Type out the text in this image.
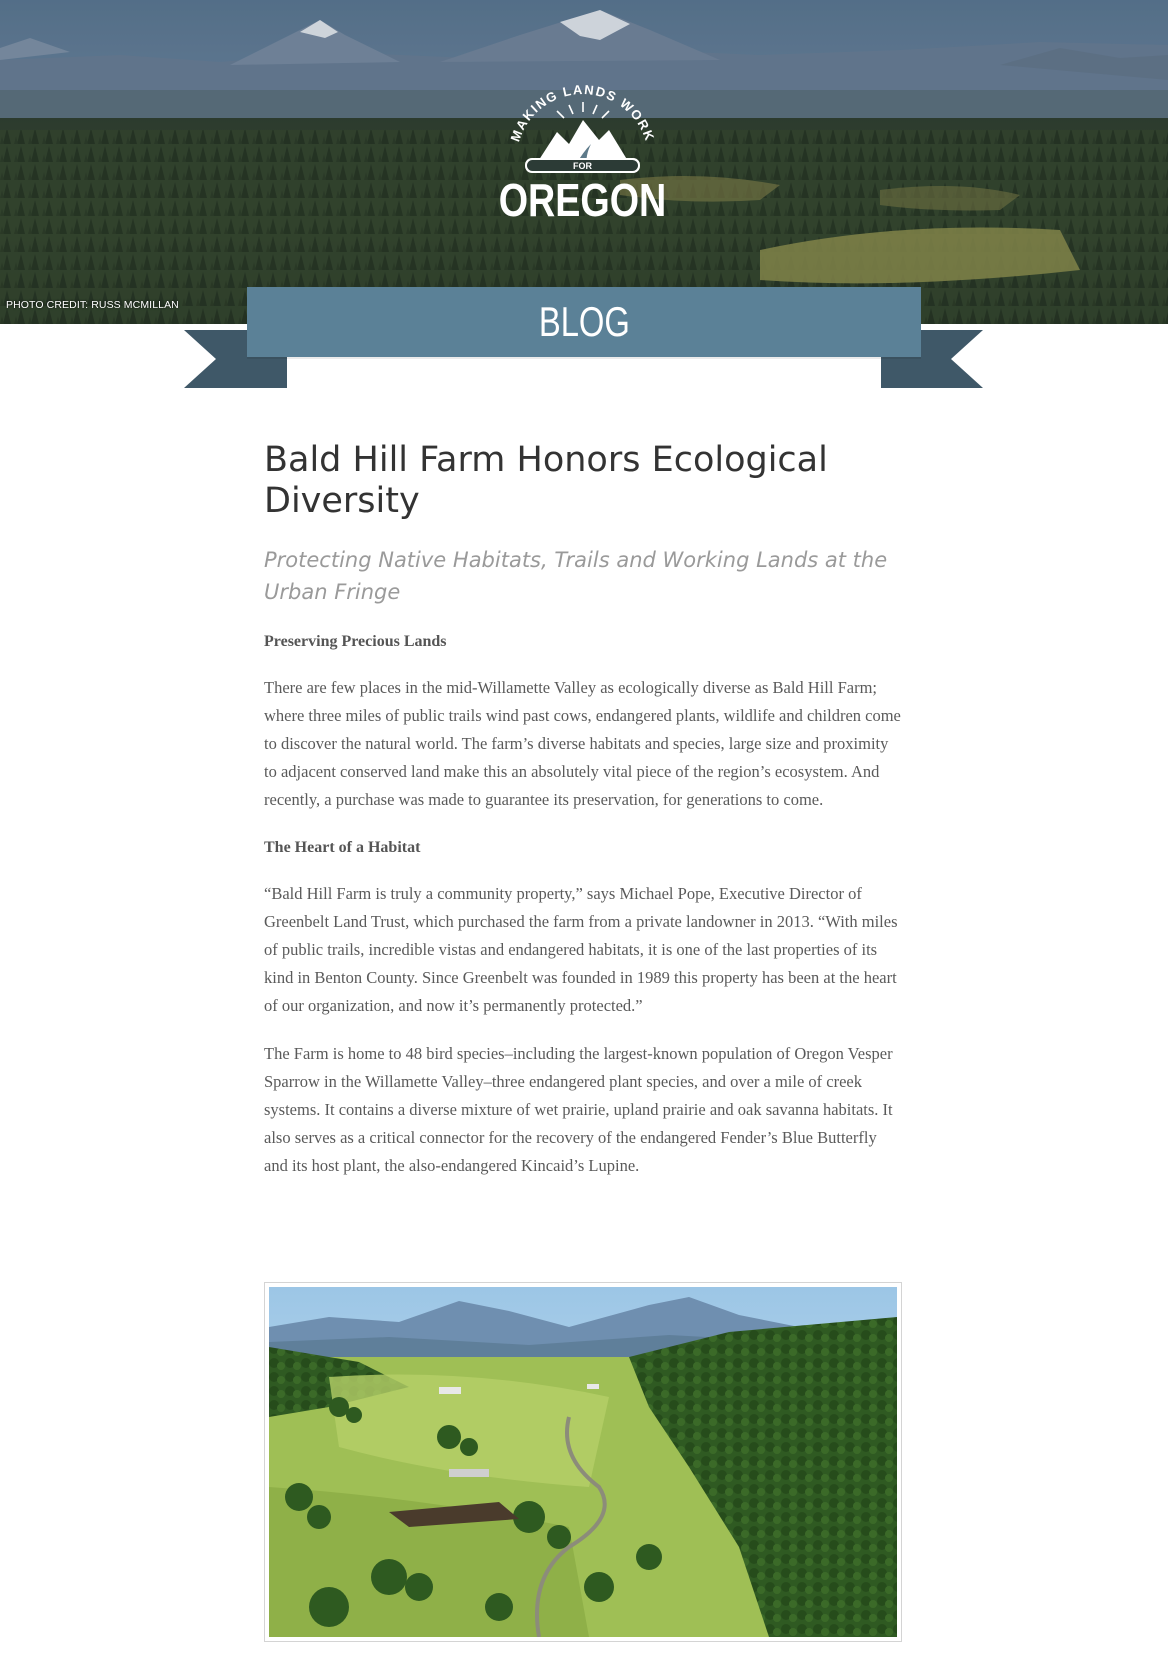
MAKING LANDS WORK
FOR
OREGON
PHOTO CREDIT: RUSS MCMILLAN	BLOG
Bald Hill Farm Honors Ecological Diversity
Protecting Native Habitats, Trails and Working Lands at the Urban Fringe

Preserving Precious Lands

There are few places in the mid-Willamette Valley as ecologically diverse as Bald Hill Farm; where three miles of public trails wind past cows, endangered plants, wildlife and children come to discover the natural world. The farm’s diverse habitats and species, large size and proximity to adjacent conserved land make this an absolutely vital piece of the region’s ecosystem. And recently, a purchase was made to guarantee its preservation, for generations to come.

The Heart of a Habitat

“Bald Hill Farm is truly a community property,” says Michael Pope, Executive Director of Greenbelt Land Trust, which purchased the farm from a private landowner in 2013. “With miles of public trails, incredible vistas and endangered habitats, it is one of the last properties of its kind in Benton County. Since Greenbelt was founded in 1989 this property has been at the heart of our organization, and now it’s permanently protected.”

The Farm is home to 48 bird species–including the largest-known population of Oregon Vesper Sparrow in the Willamette Valley–three endangered plant species, and over a mile of creek systems. It contains a diverse mixture of wet prairie, upland prairie and oak savanna habitats. It also serves as a critical connector for the recovery of the endangered Fender’s Blue Butterfly and its host plant, the also-endangered Kincaid’s Lupine.
